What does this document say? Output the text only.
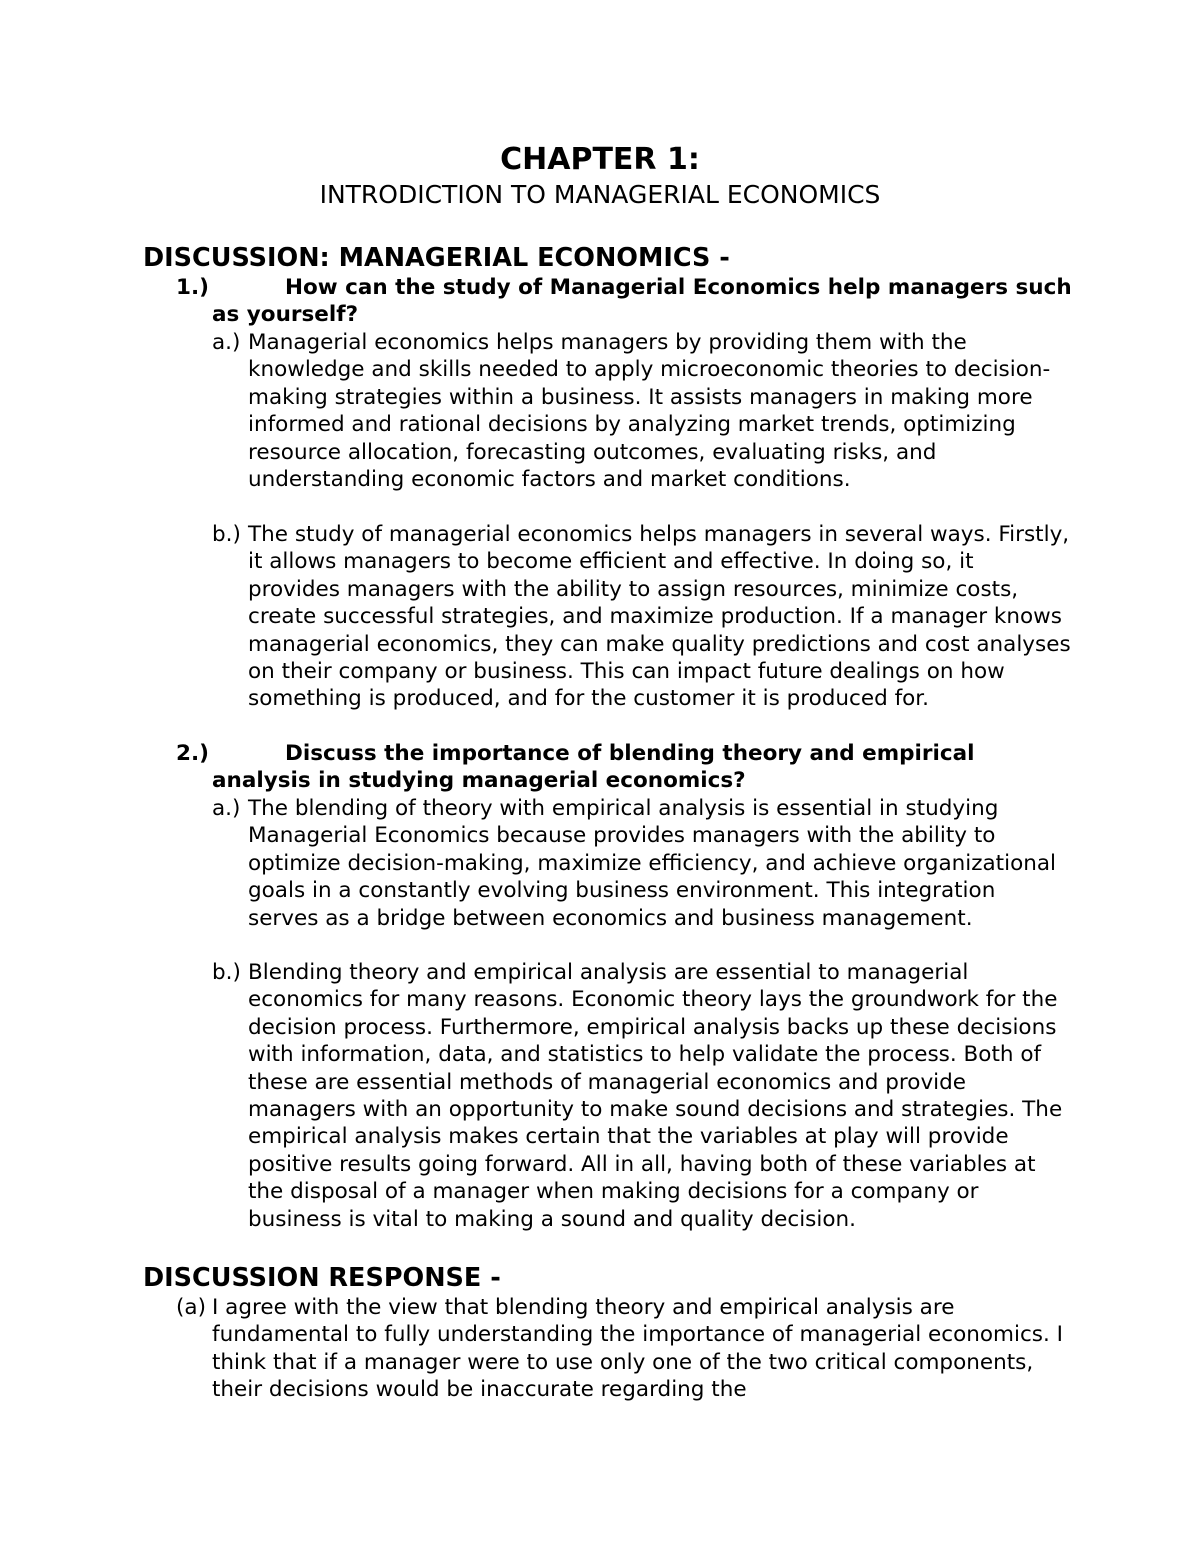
CHAPTER 1:
INTRODICTION TO MANAGERIAL ECONOMICS
DISCUSSION: MANAGERIAL ECONOMICS -
1.)	How can the study of Managerial Economics help managers such as yourself?
a.) Managerial economics helps managers by providing them with the knowledge and skills needed to apply microeconomic theories to decision-making strategies within a business. It assists managers in making more informed and rational decisions by analyzing market trends, optimizing resource allocation, forecasting outcomes, evaluating risks, and understanding economic factors and market conditions.
b.) The study of managerial economics helps managers in several ways. Firstly, it allows managers to become efficient and effective. In doing so, it provides managers with the ability to assign resources, minimize costs, create successful strategies, and maximize production. If a manager knows managerial economics, they can make quality predictions and cost analyses on their company or business. This can impact future dealings on how something is produced, and for the customer it is produced for.
2.)	Discuss the importance of blending theory and empirical analysis in studying managerial economics?
a.) The blending of theory with empirical analysis is essential in studying Managerial Economics because provides managers with the ability to optimize decision-making, maximize efficiency, and achieve organizational goals in a constantly evolving business environment. This integration serves as a bridge between economics and business management.
b.) Blending theory and empirical analysis are essential to managerial economics for many reasons. Economic theory lays the groundwork for the decision process. Furthermore, empirical analysis backs up these decisions with information, data, and statistics to help validate the process. Both of these are essential methods of managerial economics and provide managers with an opportunity to make sound decisions and strategies. The empirical analysis makes certain that the variables at play will provide positive results going forward. All in all, having both of these variables at the disposal of a manager when making decisions for a company or business is vital to making a sound and quality decision.
DISCUSSION RESPONSE -
(a) I agree with the view that blending theory and empirical analysis are fundamental to fully understanding the importance of managerial economics. I think that if a manager were to use only one of the two critical components, their decisions would be inaccurate regarding the
